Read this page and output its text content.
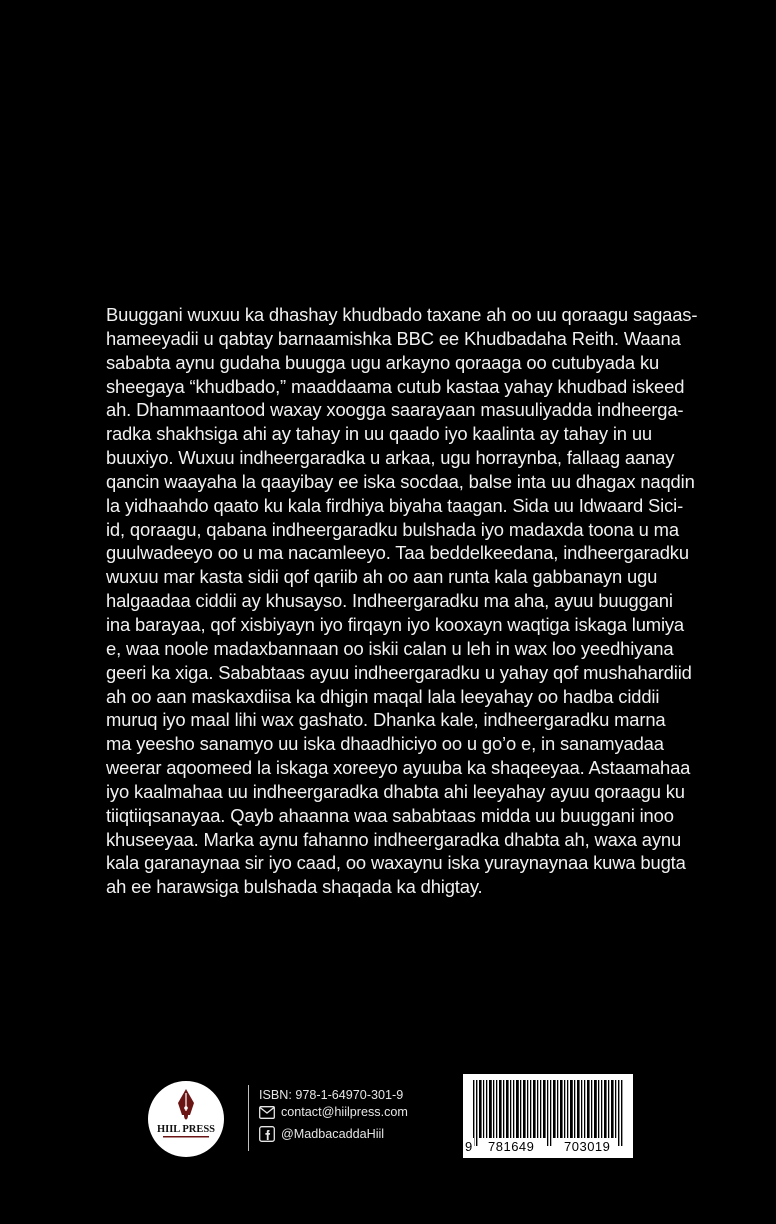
Buuggani wuxuu ka dhashay khudbado taxane ah oo uu qoraagu sagaas-
hameeyadii u qabtay barnaamishka BBC ee Khudbadaha Reith. Waana
sababta aynu gudaha buugga ugu arkayno qoraaga oo cutubyada ku
sheegaya “khudbado,” maaddaama cutub kastaa yahay khudbad iskeed
ah. Dhammaantood waxay xoogga saarayaan masuuliyadda indheerga-
radka shakhsiga ahi ay tahay in uu qaado iyo kaalinta ay tahay in uu
buuxiyo. Wuxuu indheergaradka u arkaa, ugu horraynba, fallaag aanay
qancin waayaha la qaayibay ee iska socdaa, balse inta uu dhagax naqdin
la yidhaahdo qaato ku kala firdhiya biyaha taagan. Sida uu Idwaard Sici-
id, qoraagu, qabana indheergaradku bulshada iyo madaxda toona u ma
guulwadeeyo oo u ma nacamleeyo. Taa beddelkeedana, indheergaradku
wuxuu mar kasta sidii qof qariib ah oo aan runta kala gabbanayn ugu
halgaadaa ciddii ay khusayso. Indheergaradku ma aha, ayuu buuggani
ina barayaa, qof xisbiyayn iyo firqayn iyo kooxayn waqtiga iskaga lumiya
e, waa noole madaxbannaan oo iskii calan u leh in wax loo yeedhiyana
geeri ka xiga. Sababtaas ayuu indheergaradku u yahay qof mushahardiid
ah oo aan maskaxdiisa ka dhigin maqal lala leeyahay oo hadba ciddii
muruq iyo maal lihi wax gashato. Dhanka kale, indheergaradku marna
ma yeesho sanamyo uu iska dhaadhiciyo oo u go’o e, in sanamyadaa
weerar aqoomeed la iskaga xoreeyo ayuuba ka shaqeeyaa. Astaamahaa
iyo kaalmahaa uu indheergaradka dhabta ahi leeyahay ayuu qoraagu ku
tiiqtiiqsanayaa. Qayb ahaanna waa sababtaas midda uu buuggani inoo
khuseeyaa. Marka aynu fahanno indheergaradka dhabta ah, waxa aynu
kala garanaynaa sir iyo caad, oo waxaynu iska yuraynaynaa kuwa bugta
ah ee harawsiga bulshada shaqada ka dhigtay.
HIIL PRESS
ISBN: 978-1-64970-301-9
contact@hiilpress.com
@MadbacaddaHiil
9 781649 703019
